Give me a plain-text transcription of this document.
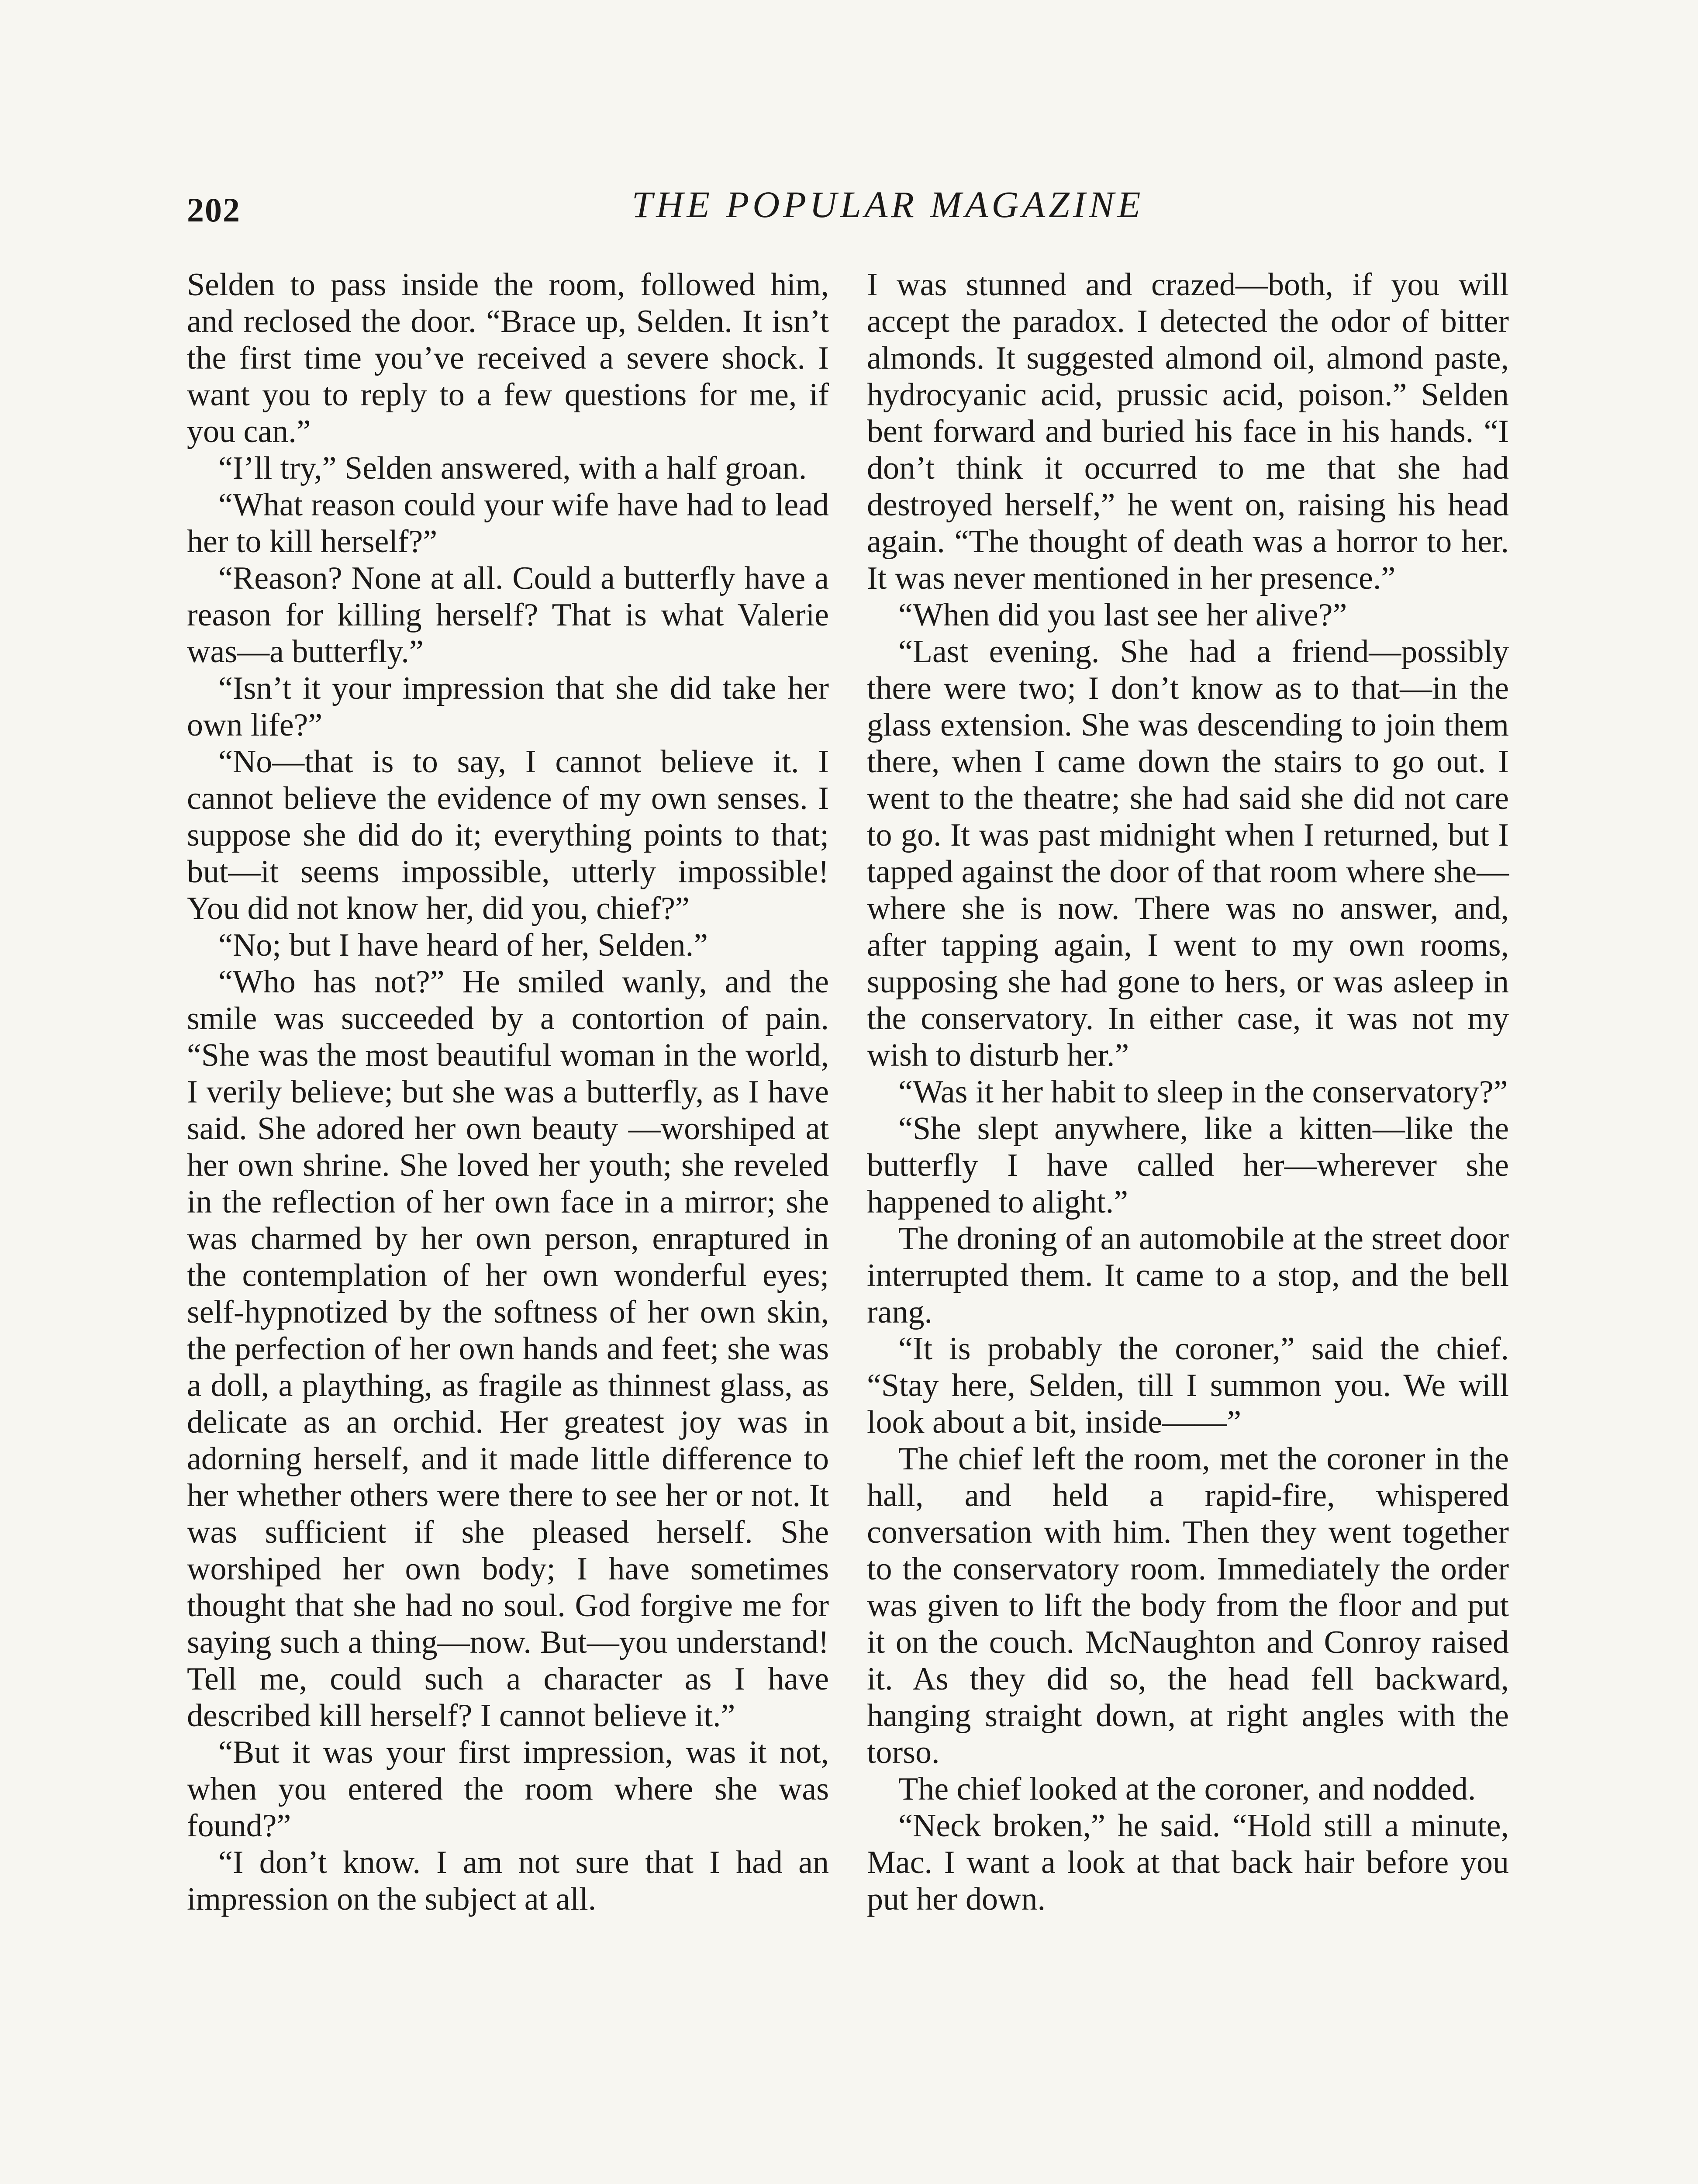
202	THE POPULAR MAGAZINE

Selden to pass inside the room, followed him, and reclosed the door. “Brace up, Selden. It isn’t the first time you’ve received a severe shock. I want you to reply to a few questions for me, if you can.”

“I’ll try,” Selden answered, with a half groan.

“What reason could your wife have had to lead her to kill herself?”

“Reason? None at all. Could a butterfly have a reason for killing herself? That is what Valerie was—a butterfly.”

“Isn’t it your impression that she did take her own life?”

“No—that is to say, I cannot believe it. I cannot believe the evidence of my own senses. I suppose she did do it; everything points to that; but—it seems impossible, utterly impossible! You did not know her, did you, chief?”

“No; but I have heard of her, Selden.”

“Who has not?” He smiled wanly, and the smile was succeeded by a contortion of pain. “She was the most beautiful woman in the world, I verily believe; but she was a butterfly, as I have said. She adored her own beauty —worshiped at her own shrine. She loved her youth; she reveled in the reflection of her own face in a mirror; she was charmed by her own person, enraptured in the contemplation of her own wonderful eyes; self-hypnotized by the softness of her own skin, the perfection of her own hands and feet; she was a doll, a plaything, as fragile as thinnest glass, as delicate as an orchid. Her greatest joy was in adorning herself, and it made little difference to her whether others were there to see her or not. It was sufficient if she pleased herself. She worshiped her own body; I have sometimes thought that she had no soul. God forgive me for saying such a thing—now. But—you understand! Tell me, could such a character as I have described kill herself? I cannot believe it.”

“But it was your first impression, was it not, when you entered the room where she was found?”

“I don’t know. I am not sure that I had an impression on the subject at all.

I was stunned and crazed—both, if you will accept the paradox. I detected the odor of bitter almonds. It suggested almond oil, almond paste, hydrocyanic acid, prussic acid, poison.” Selden bent forward and buried his face in his hands. “I don’t think it occurred to me that she had destroyed herself,” he went on, raising his head again. “The thought of death was a horror to her. It was never mentioned in her presence.”

“When did you last see her alive?”

“Last evening. She had a friend—possibly there were two; I don’t know as to that—in the glass extension. She was descending to join them there, when I came down the stairs to go out. I went to the theatre; she had said she did not care to go. It was past midnight when I returned, but I tapped against the door of that room where she—where she is now. There was no answer, and, after tapping again, I went to my own rooms, supposing she had gone to hers, or was asleep in the conservatory. In either case, it was not my wish to disturb her.”

“Was it her habit to sleep in the conservatory?”

“She slept anywhere, like a kitten—like the butterfly I have called her—wherever she happened to alight.”

The droning of an automobile at the street door interrupted them. It came to a stop, and the bell rang.

“It is probably the coroner,” said the chief. “Stay here, Selden, till I summon you. We will look about a bit, inside——”

The chief left the room, met the coroner in the hall, and held a rapid-fire, whispered conversation with him. Then they went together to the conservatory room. Immediately the order was given to lift the body from the floor and put it on the couch. McNaughton and Conroy raised it. As they did so, the head fell backward, hanging straight down, at right angles with the torso.

The chief looked at the coroner, and nodded.

“Neck broken,” he said. “Hold still a minute, Mac. I want a look at that back hair before you put her down.
